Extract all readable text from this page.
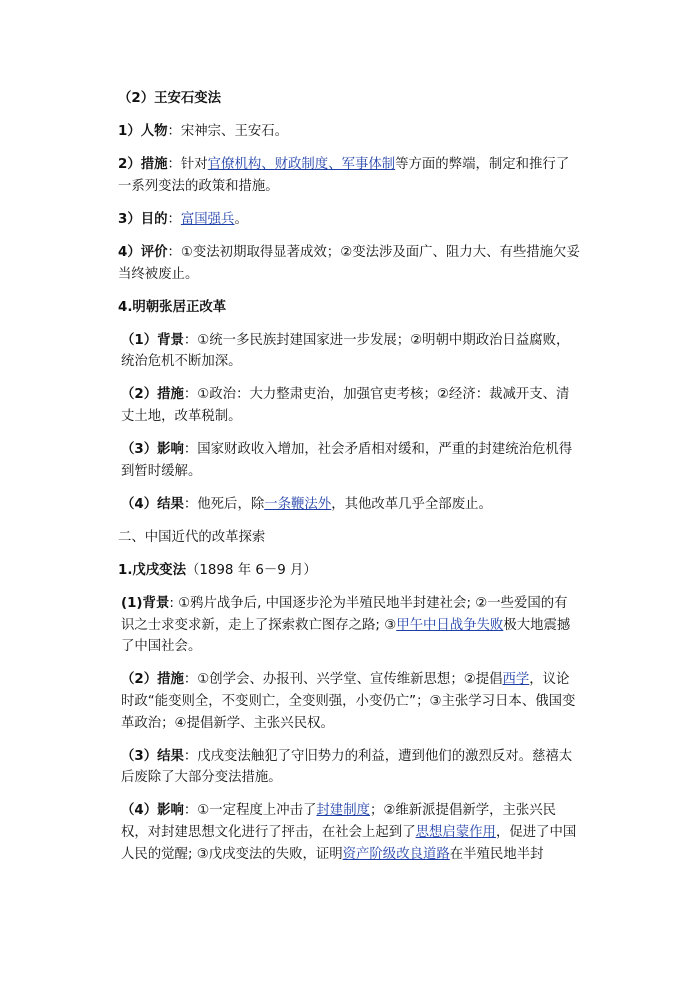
（2）王安石变法

1）人物：宋神宗、王安石。

2）措施：针对官僚机构、财政制度、军事体制等方面的弊端，制定和推行了一系列变法的政策和措施。

3）目的：富国强兵。

4）评价：①变法初期取得显著成效；②变法涉及面广、阻力大、有些措施欠妥当终被废止。

4.明朝张居正改革

（1）背景：①统一多民族封建国家进一步发展；②明朝中期政治日益腐败，统治危机不断加深。

（2）措施：①政治：大力整肃吏治，加强官吏考核；②经济：裁减开支、清丈土地，改革税制。

（3）影响：国家财政收入增加，社会矛盾相对缓和，严重的封建统治危机得到暂时缓解。

（4）结果：他死后，除一条鞭法外，其他改革几乎全部废止。

二、中国近代的改革探索

1.戊戌变法（1898 年 6－9 月）

(1)背景: ①鸦片战争后, 中国逐步沦为半殖民地半封建社会; ②一些爱国的有识之士求变求新，走上了探索救亡图存之路; ③甲午中日战争失败极大地震撼了中国社会。

（2）措施：①创学会、办报刊、兴学堂、宣传维新思想；②提倡西学，议论时政“能变则全，不变则亡，全变则强，小变仍亡”；③主张学习日本、俄国变革政治；④提倡新学、主张兴民权。

（3）结果：戊戌变法触犯了守旧势力的利益，遭到他们的激烈反对。慈禧太后废除了大部分变法措施。

（4）影响：①一定程度上冲击了封建制度；②维新派提倡新学，主张兴民权，对封建思想文化进行了抨击，在社会上起到了思想启蒙作用，促进了中国人民的觉醒; ③戊戌变法的失败，证明资产阶级改良道路在半殖民地半封
